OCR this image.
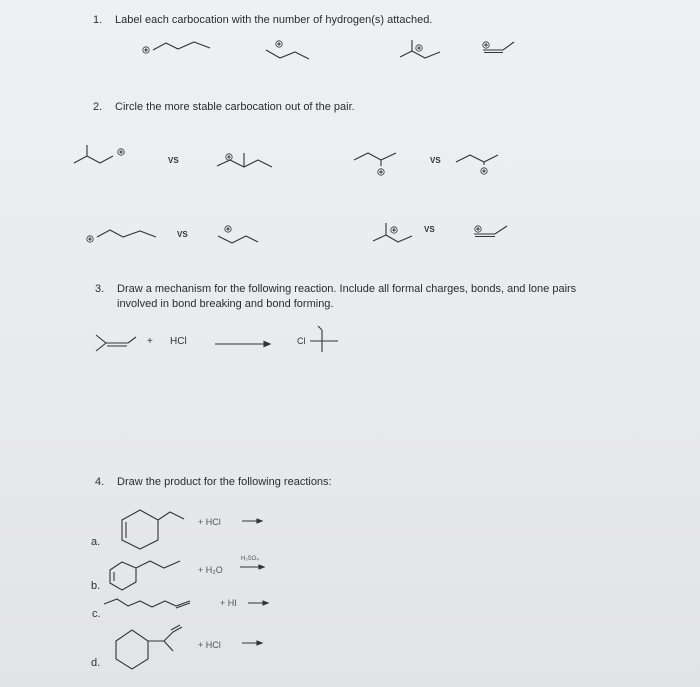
1. Label each carbocation with the number of hydrogen(s) attached.
2. Circle the more stable carbocation out of the pair.
3. Draw a mechanism for the following reaction. Include all formal charges, bonds, and lone pairs
involved in bond breaking and bond forming.
4. Draw the product for the following reactions:
VS	VS
VS
VS
+ HCl	Cl
a.
b.
c.
d.
+ HCl
+ H₂O
H₂SO₄
+ HI
+ HCl
